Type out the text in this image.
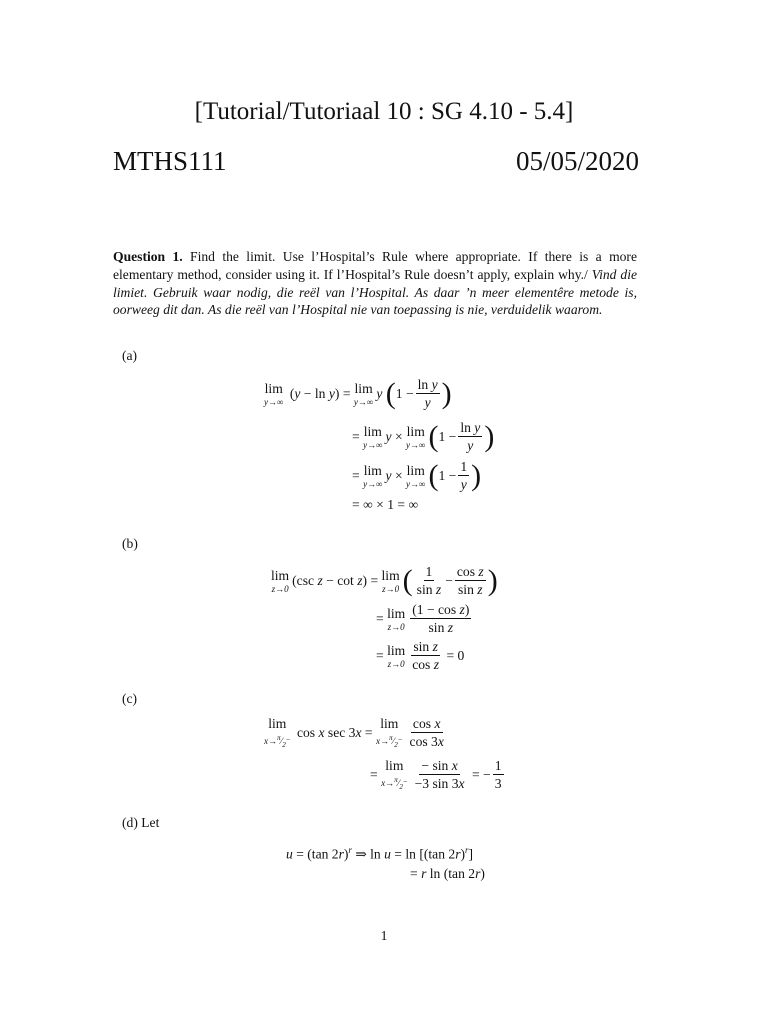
[Tutorial/Tutoriaal 10 : SG 4.10 - 5.4]
MTHS111	05/05/2020
Question 1. Find the limit. Use l’Hospital’s Rule where appropriate. If there is a more elementary method, consider using it. If l’Hospital’s Rule doesn’t apply, explain why./ Vind die limiet. Gebruik waar nodig, die reël van l’Hospital. As daar ’n meer elementêre metode is, oorweeg dit dan. As die reël van l’Hospital nie van toepassing is nie, verduidelik waarom.
(a)
lim
y→∞
(y − ln y) =
lim
y→∞
y
( $1 - \frac{\text{ln y}}{y}$ )
= lim
y→∞
y × lim
y→∞ ( $1 - \frac{\text{ln y}}{y}$ )
= lim
y→∞
y × lim
y→∞ ( $1 - \frac{1}{y}$ )
= ∞ × 1 = ∞
(b)
lim
z→0
(csc z − cot z) = lim
z→0 ( $\frac{1}{\text{sin z}} - \frac{\text{cos z}}{\text{sin z}}$ )
= lim
$z\to 0 \frac{\text{(1 − cos z)}}{\text{sin z}}$
= lim
$z\to 0 \frac{\text{sin z}}{\text{cos z}} = 0$
(c)
lim
$x\to^\pi⁄_2^-$
cos x sec 3x =
lim
$x\to^\pi⁄_2^- \frac{\text{cos x}}{\cos 3x}$
=
lim
$x\to^\pi⁄_2^- \frac{\text{− sin x}}{-3 \sin 3x}$ = − $\frac{1}{3}$
(d) Let
u = (tan 2r)$^r$ ⇒ ln u = ln [(tan 2r)$^r$]
= r ln (tan 2r)
1
